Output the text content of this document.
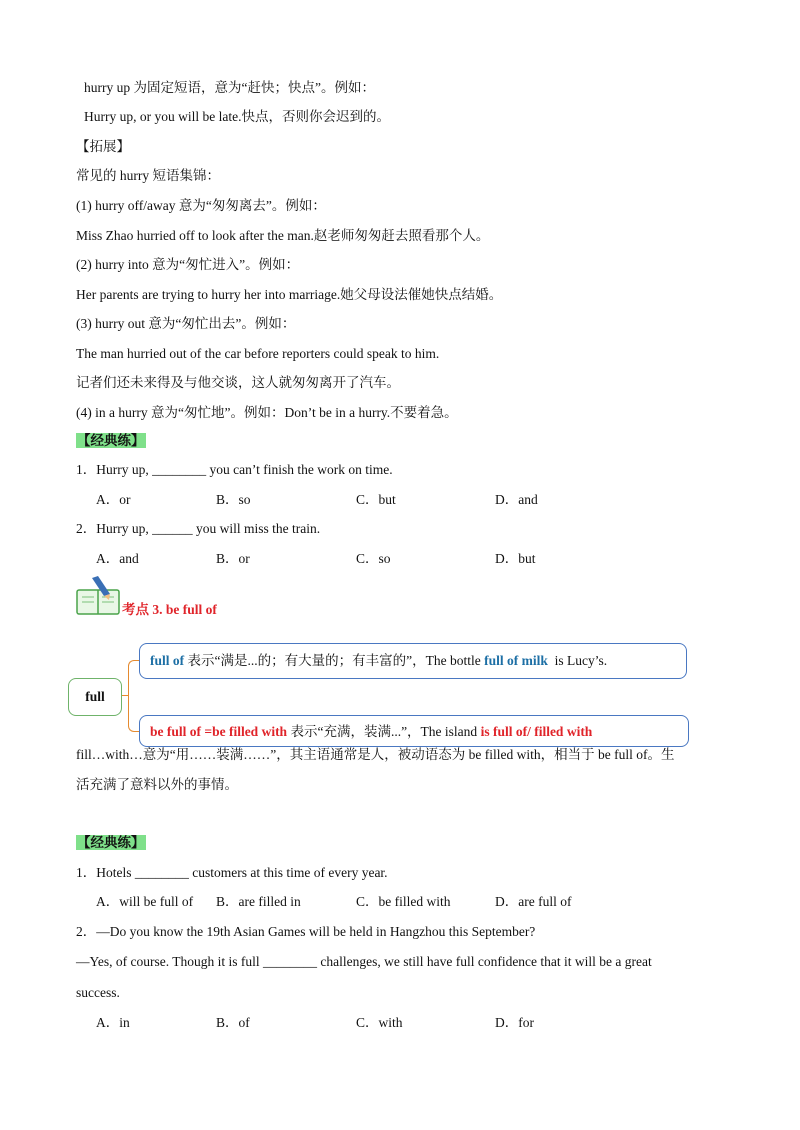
hurry up 为固定短语，意为“赶快；快点”。例如：
Hurry up, or you will be late.快点，否则你会迟到的。
【拓展】
常见的 hurry 短语集锦：
(1) hurry off/away 意为“匆匆离去”。例如：
Miss Zhao hurried off to look after the man.赵老师匆匆赶去照看那个人。
(2) hurry into 意为“匆忙进入”。例如：
Her parents are trying to hurry her into marriage.她父母设法催她快点结婚。
(3) hurry out 意为“匆忙出去”。例如：
The man hurried out of the car before reporters could speak to him.
记者们还未来得及与他交谈，这人就匆匆离开了汽车。
(4) in a hurry 意为“匆忙地”。例如：Don’t be in a hurry.不要着急。
【经典练】
1．Hurry up, ________ you can’t finish the work on time.
A．or	B．so	C．but	D．and
2．Hurry up, ______ you will miss the train.
A．and	B．or	C．so	D．but
考点 3. be full of
full
full of 表示“满是...的；有大量的；有丰富的”，The bottle full of milk is Lucy’s.
fill…with…意为“用……装满……”，其主语通常是人，被动语态为 be filled with，相当于 be full of。生
活充满了意料以外的事情。
be full of =be filled with 表示“充满，装满...”，The island is full of/ filled with
【经典练】
1．Hotels ________ customers at this time of every year.
A．will be full of B．are filled in	C．be filled with	D．are full of
2．—Do you know the 19th Asian Games will be held in Hangzhou this September?
—Yes, of course. Though it is full ________ challenges, we still have full confidence that it will be a great
success.
A．in	B．of	C．with	D．for
